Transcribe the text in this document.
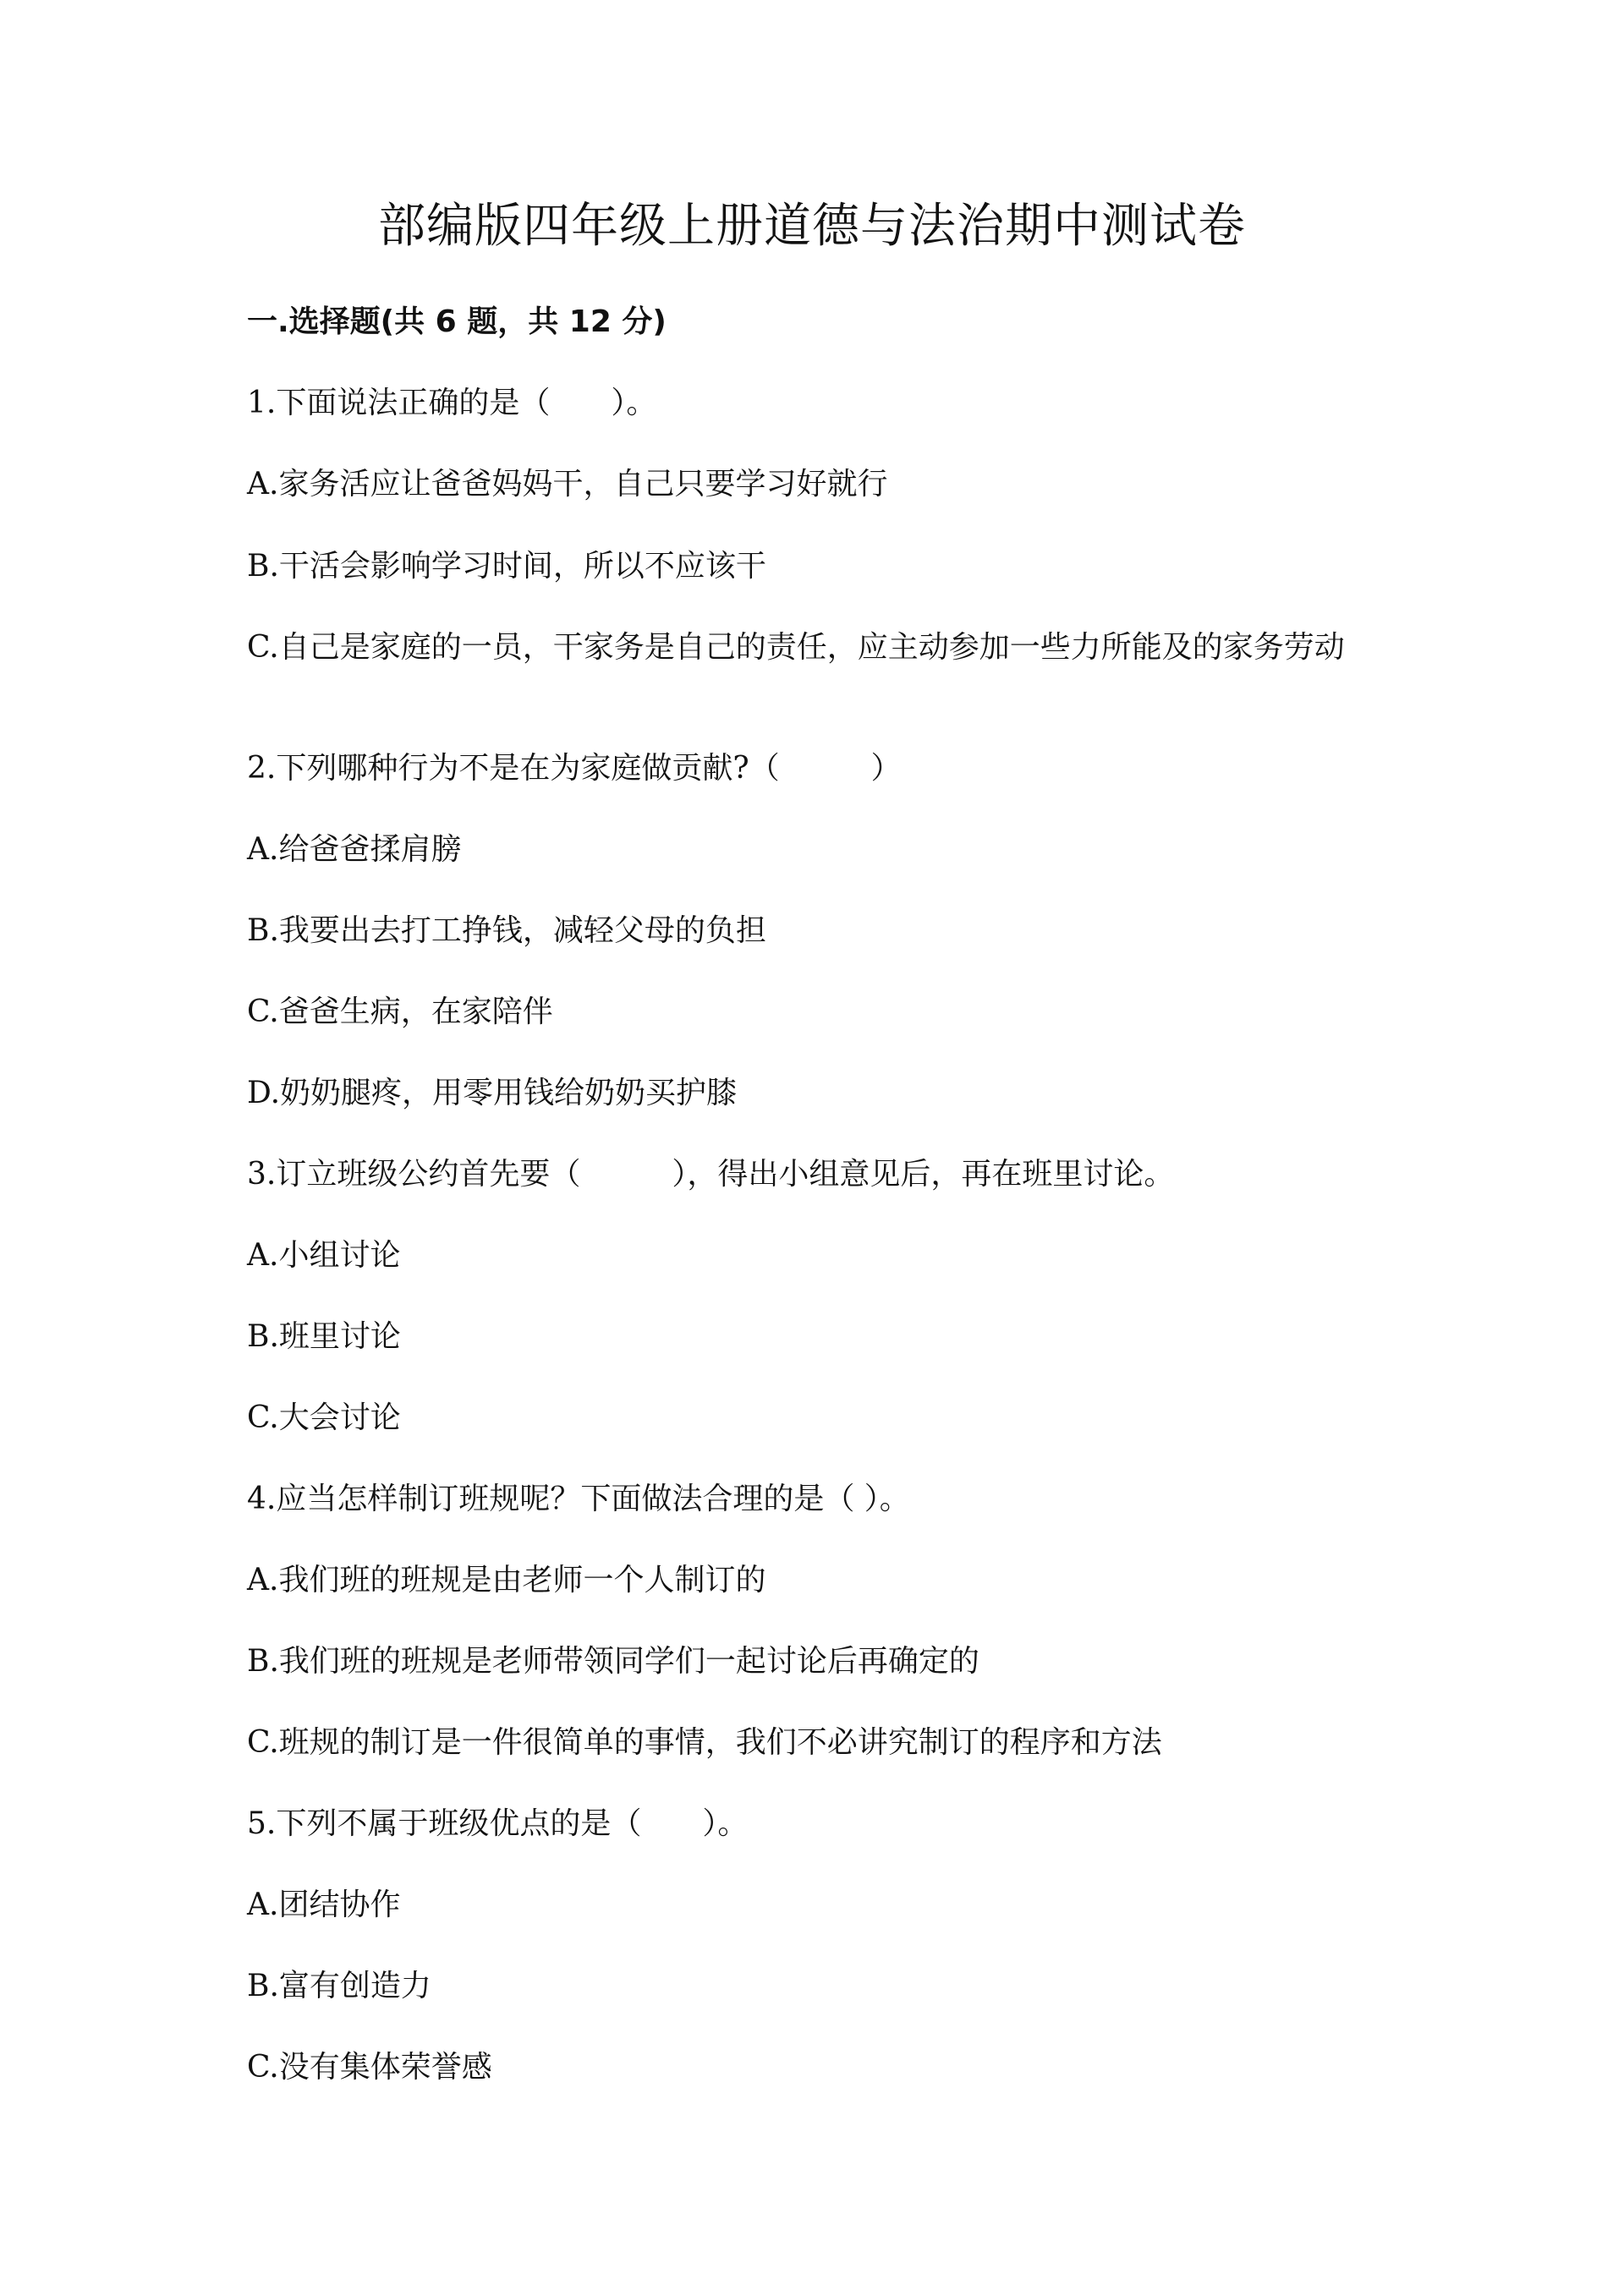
部编版四年级上册道德与法治期中测试卷
一.选择题(共 6 题，共 12 分)

1.下面说法正确的是（　　）。

A.家务活应让爸爸妈妈干，自己只要学习好就行

B.干活会影响学习时间，所以不应该干

C.自己是家庭的一员，干家务是自己的责任，应主动参加一些力所能及的家务劳动

2.下列哪种行为不是在为家庭做贡献?（　　　）

A.给爸爸揉肩膀

B.我要出去打工挣钱，减轻父母的负担

C.爸爸生病，在家陪伴

D.奶奶腿疼，用零用钱给奶奶买护膝

3.订立班级公约首先要（　　　），得出小组意见后，再在班里讨论。

A.小组讨论

B.班里讨论

C.大会讨论

4.应当怎样制订班规呢？下面做法合理的是（ ）。

A.我们班的班规是由老师一个人制订的

B.我们班的班规是老师带领同学们一起讨论后再确定的

C.班规的制订是一件很简单的事情，我们不必讲究制订的程序和方法

5.下列不属于班级优点的是（　　）。

A.团结协作

B.富有创造力

C.没有集体荣誉感
